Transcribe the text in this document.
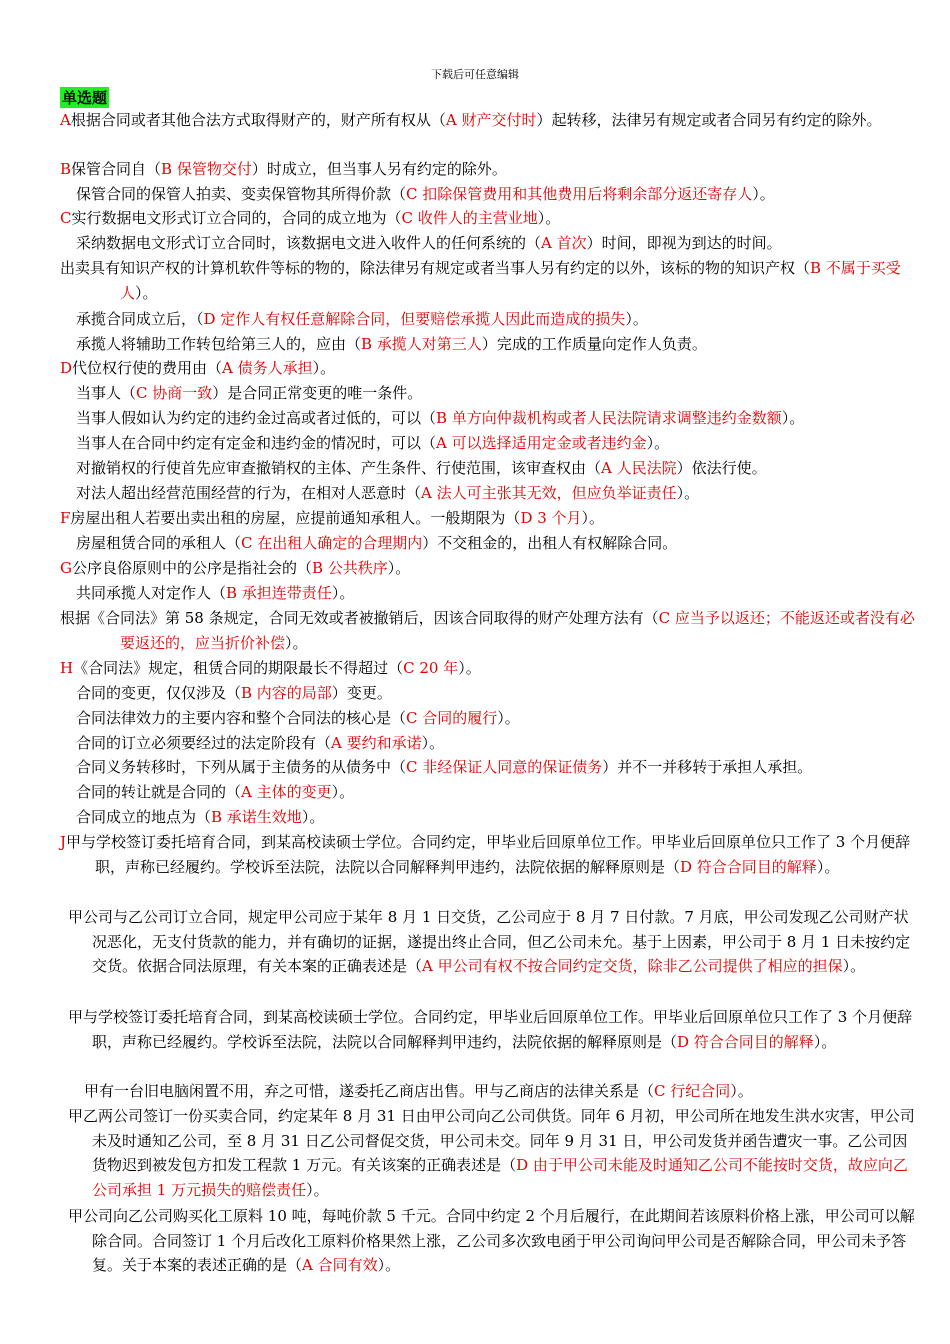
下载后可任意编辑
单选题

A根据合同或者其他合法方式取得财产的，财产所有权从（A 财产交付时）起转移，法律另有规定或者合同另有约定的除外。

B保管合同自（B 保管物交付）时成立，但当事人另有约定的除外。

保管合同的保管人拍卖、变卖保管物其所得价款（C 扣除保管费用和其他费用后将剩余部分返还寄存人）。

C实行数据电文形式订立合同的，合同的成立地为（C 收件人的主营业地）。

采纳数据电文形式订立合同时，该数据电文进入收件人的任何系统的（A 首次）时间，即视为到达的时间。

出卖具有知识产权的计算机软件等标的物的，除法律另有规定或者当事人另有约定的以外，该标的物的知识产权（B 不属于买受人）。

承揽合同成立后，（D 定作人有权任意解除合同，但要赔偿承揽人因此而造成的损失）。

承揽人将辅助工作转包给第三人的，应由（B 承揽人对第三人）完成的工作质量向定作人负责。

D代位权行使的费用由（A 债务人承担）。

当事人（C 协商一致）是合同正常变更的唯一条件。

当事人假如认为约定的违约金过高或者过低的，可以（B 单方向仲裁机构或者人民法院请求调整违约金数额）。

当事人在合同中约定有定金和违约金的情况时，可以（A 可以选择适用定金或者违约金）。

对撤销权的行使首先应审查撤销权的主体、产生条件、行使范围，该审查权由（A 人民法院）依法行使。

对法人超出经营范围经营的行为，在相对人恶意时（A 法人可主张其无效，但应负举证责任）。

F房屋出租人若要出卖出租的房屋，应提前通知承租人。一般期限为（D 3 个月）。

房屋租赁合同的承租人（C 在出租人确定的合理期内）不交租金的，出租人有权解除合同。

G公序良俗原则中的公序是指社会的（B 公共秩序）。

共同承揽人对定作人（B 承担连带责任）。

根据《合同法》第 58 条规定，合同无效或者被撤销后，因该合同取得的财产处理方法有（C 应当予以返还；不能返还或者没有必要返还的，应当折价补偿）。

H《合同法》规定，租赁合同的期限最长不得超过（C 20 年）。

合同的变更，仅仅涉及（B 内容的局部）变更。

合同法律效力的主要内容和整个合同法的核心是（C 合同的履行）。

合同的订立必须要经过的法定阶段有（A 要约和承诺）。

合同义务转移时，下列从属于主债务的从债务中（C 非经保证人同意的保证债务）并不一并移转于承担人承担。

合同的转让就是合同的（A 主体的变更）。

合同成立的地点为（B 承诺生效地）。

J甲与学校签订委托培育合同，到某高校读硕士学位。合同约定，甲毕业后回原单位工作。甲毕业后回原单位只工作了 3 个月便辞职，声称已经履约。学校诉至法院，法院以合同解释判甲违约，法院依据的解释原则是（D 符合合同目的解释）。

甲公司与乙公司订立合同，规定甲公司应于某年 8 月 1 日交货，乙公司应于 8 月 7 日付款。7 月底，甲公司发现乙公司财产状况恶化，无支付货款的能力，并有确切的证据，遂提出终止合同，但乙公司未允。基于上因素，甲公司于 8 月 1 日未按约定交货。依据合同法原理，有关本案的正确表述是（A 甲公司有权不按合同约定交货，除非乙公司提供了相应的担保）。

甲与学校签订委托培育合同，到某高校读硕士学位。合同约定，甲毕业后回原单位工作。甲毕业后回原单位只工作了 3 个月便辞职，声称已经履约。学校诉至法院，法院以合同解释判甲违约，法院依据的解释原则是（D 符合合同目的解释）。

甲有一台旧电脑闲置不用，弃之可惜，遂委托乙商店出售。甲与乙商店的法律关系是（C 行纪合同）。

甲乙两公司签订一份买卖合同，约定某年 8 月 31 日由甲公司向乙公司供货。同年 6 月初，甲公司所在地发生洪水灾害，甲公司未及时通知乙公司，至 8 月 31 日乙公司督促交货，甲公司未交。同年 9 月 31 日，甲公司发货并函告遭灾一事。乙公司因货物迟到被发包方扣发工程款 1 万元。有关该案的正确表述是（D 由于甲公司未能及时通知乙公司不能按时交货，故应向乙公司承担 1 万元损失的赔偿责任）。

甲公司向乙公司购买化工原料 10 吨，每吨价款 5 千元。合同中约定 2 个月后履行，在此期间若该原料价格上涨，甲公司可以解除合同。合同签订 1 个月后改化工原料价格果然上涨，乙公司多次致电函于甲公司询问甲公司是否解除合同，甲公司未予答复。关于本案的表述正确的是（A 合同有效）。
